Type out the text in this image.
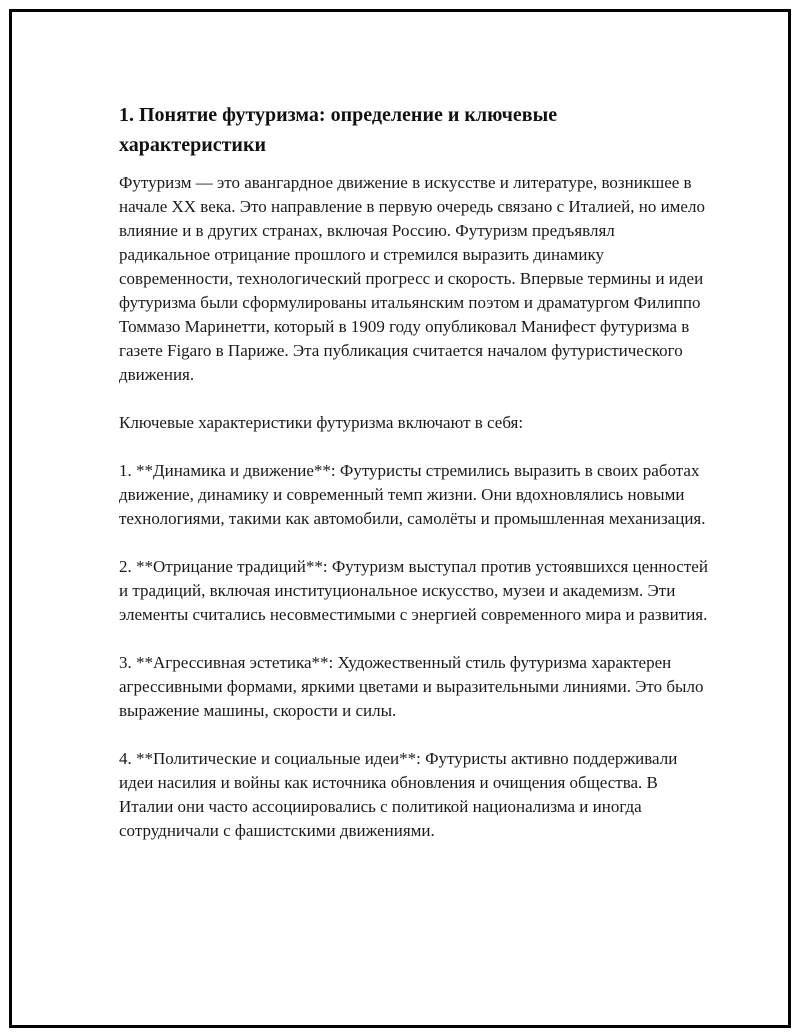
1. Понятие футуризма: определение и ключевые характеристики

Футуризм — это авангардное движение в искусстве и литературе, возникшее в начале XX века. Это направление в первую очередь связано с Италией, но имело влияние и в других странах, включая Россию. Футуризм предъявлял радикальное отрицание прошлого и стремился выразить динамику современности, технологический прогресс и скорость. Впервые термины и идеи футуризма были сформулированы итальянским поэтом и драматургом Филиппо Томмазо Маринетти, который в 1909 году опубликовал Манифест футуризма в газете Figaro в Париже. Эта публикация считается началом футуристического движения.

Ключевые характеристики футуризма включают в себя:

1. **Динамика и движение**: Футуристы стремились выразить в своих работах движение, динамику и современный темп жизни. Они вдохновлялись новыми технологиями, такими как автомобили, самолёты и промышленная механизация.

2. **Отрицание традиций**: Футуризм выступал против устоявшихся ценностей и традиций, включая институциональное искусство, музеи и академизм. Эти элементы считались несовместимыми с энергией современного мира и развития.

3. **Агрессивная эстетика**: Художественный стиль футуризма характерен агрессивными формами, яркими цветами и выразительными линиями. Это было выражение машины, скорости и силы.

4. **Политические и социальные идеи**: Футуристы активно поддерживали идеи насилия и войны как источника обновления и очищения общества. В Италии они часто ассоциировались с политикой национализма и иногда сотрудничали с фашистскими движениями.
